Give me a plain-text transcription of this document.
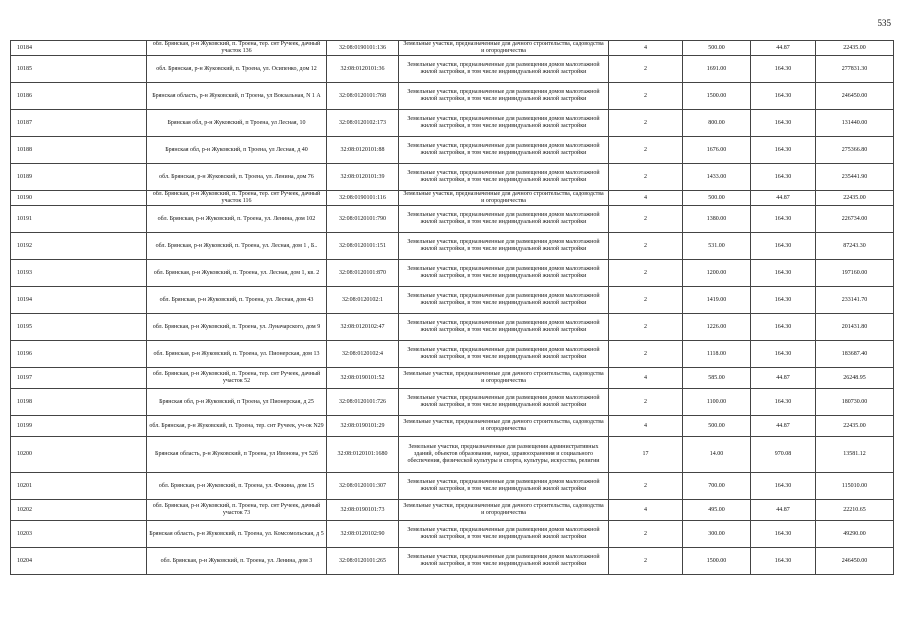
535
10184	обл. Брянская, р-н Жуковский, п. Троена, тер. снт Ручеек, дачный участок 136	32:08:0190101:136	Земельные участки, предназначенные для дачного строительства, садоводства и огородничества	4	500.00	44.87	22435.00
10185	обл. Брянская, р-н Жуковский, п. Троена, ул. Осипенко, дом 12	32:08:0120101:36	Земельные участки, предназначенные для размещения домов малоэтажной жилой застройки, в том числе индивидуальной жилой застройки	2	1691.00	164.30	277831.30
10186	Брянская область, р-н Жуковский, п Троена, ул Вокзальная, N 1 А	32:08:0120101:768	Земельные участки, предназначенные для размещения домов малоэтажной жилой застройки, в том числе индивидуальной жилой застройки	2	1500.00	164.30	246450.00
10187	Брянская обл, р-н Жуковский, п Троена, ул Лесная, 10	32:08:0120102:173	Земельные участки, предназначенные для размещения домов малоэтажной жилой застройки, в том числе индивидуальной жилой застройки	2	800.00	164.30	131440.00
10188	Брянская обл, р-н Жуковский, п Троена, ул Лесная, д 40	32:08:0120101:88	Земельные участки, предназначенные для размещения домов малоэтажной жилой застройки, в том числе индивидуальной жилой застройки	2	1676.00	164.30	275366.80
10189	обл. Брянская, р-н Жуковский, п. Троена, ул. Ленина, дом 76	32:08:0120101:39	Земельные участки, предназначенные для размещения домов малоэтажной жилой застройки, в том числе индивидуальной жилой застройки	2	1433.00	164.30	235441.90
10190	обл. Брянская, р-н Жуковский, п. Троена, тер. снт Ручеек, дачный участок 116	32:08:0190101:116	Земельные участки, предназначенные для дачного строительства, садоводства и огородничества	4	500.00	44.87	22435.00
10191	обл. Брянская, р-н Жуковский, п. Троена, ул. Ленина, дом 102	32:08:0120101:790	Земельные участки, предназначенные для размещения домов малоэтажной жилой застройки, в том числе индивидуальной жилой застройки	2	1380.00	164.30	226734.00
10192	обл. Брянская, р-н Жуковский, п. Троена, ул. Лесная, дом 1 , Б..	32:08:0120101:151	Земельные участки, предназначенные для размещения домов малоэтажной жилой застройки, в том числе индивидуальной жилой застройки	2	531.00	164.30	87243.30
10193	обл. Брянская, р-н Жуковский, п. Троена, ул. Лесная, дом 1, кв. 2	32:08:0120101:870	Земельные участки, предназначенные для размещения домов малоэтажной жилой застройки, в том числе индивидуальной жилой застройки	2	1200.00	164.30	197160.00
10194	обл. Брянская, р-н Жуковский, п. Троена, ул. Лесная, дом 43	32:08:0120102:1	Земельные участки, предназначенные для размещения домов малоэтажной жилой застройки, в том числе индивидуальной жилой застройки	2	1419.00	164.30	233141.70
10195	обл. Брянская, р-н Жуковский, п. Троена, ул. Луначарского, дом 9	32:08:0120102:47	Земельные участки, предназначенные для размещения домов малоэтажной жилой застройки, в том числе индивидуальной жилой застройки	2	1226.00	164.30	201431.80
10196	обл. Брянская, р-н Жуковский, п. Троена, ул. Пионерская, дом 13	32:08:0120102:4	Земельные участки, предназначенные для размещения домов малоэтажной жилой застройки, в том числе индивидуальной жилой застройки	2	1118.00	164.30	183687.40
10197	обл. Брянская, р-н Жуковский, п. Троена, тер. снт Ручеек, дачный участок 52	32:08:0190101:52	Земельные участки, предназначенные для дачного строительства, садоводства и огородничества	4	585.00	44.87	26248.95
10198	Брянская обл, р-н Жуковский, п Троена, ул Пионерская, д 25	32:08:0120101:726	Земельные участки, предназначенные для размещения домов малоэтажной жилой застройки, в том числе индивидуальной жилой застройки	2	1100.00	164.30	180730.00
10199	обл. Брянская, р-н Жуковский, п. Троена, тер. снт Ручеек, уч-ок N29	32:08:0190101:29	Земельные участки, предназначенные для дачного строительства, садоводства и огородничества	4	500.00	44.87	22435.00
10200	Брянская область, р-н Жуковский, п Троена, ул Ивонова, уч 52б	32:08:0120101:1680	Земельные участки, предназначенные для размещения административных зданий, объектов образования, науки, здравоохранения и социального обеспечения, физической культуры и спорта, культуры, искусства, религии	17	14.00	970.08	13581.12
10201	обл. Брянская, р-н Жуковский, п. Троена, ул. Фокина, дом 15	32:08:0120101:307	Земельные участки, предназначенные для размещения домов малоэтажной жилой застройки, в том числе индивидуальной жилой застройки	2	700.00	164.30	115010.00
10202	обл. Брянская, р-н Жуковский, п. Троена, тер. снт Ручеек, дачный участок 73	32:08:0190101:73	Земельные участки, предназначенные для дачного строительства, садоводства и огородничества	4	495.00	44.87	22210.65
10203	Брянская область, р-н Жуковский, п. Троена, ул. Комсомольская, д 5	32:08:0120102:90	Земельные участки, предназначенные для размещения домов малоэтажной жилой застройки, в том числе индивидуальной жилой застройки	2	300.00	164.30	49290.00
10204	обл. Брянская, р-н Жуковский, п. Троена, ул. Ленина, дом 3	32:08:0120101:265	Земельные участки, предназначенные для размещения домов малоэтажной жилой застройки, в том числе индивидуальной жилой застройки	2	1500.00	164.30	246450.00
